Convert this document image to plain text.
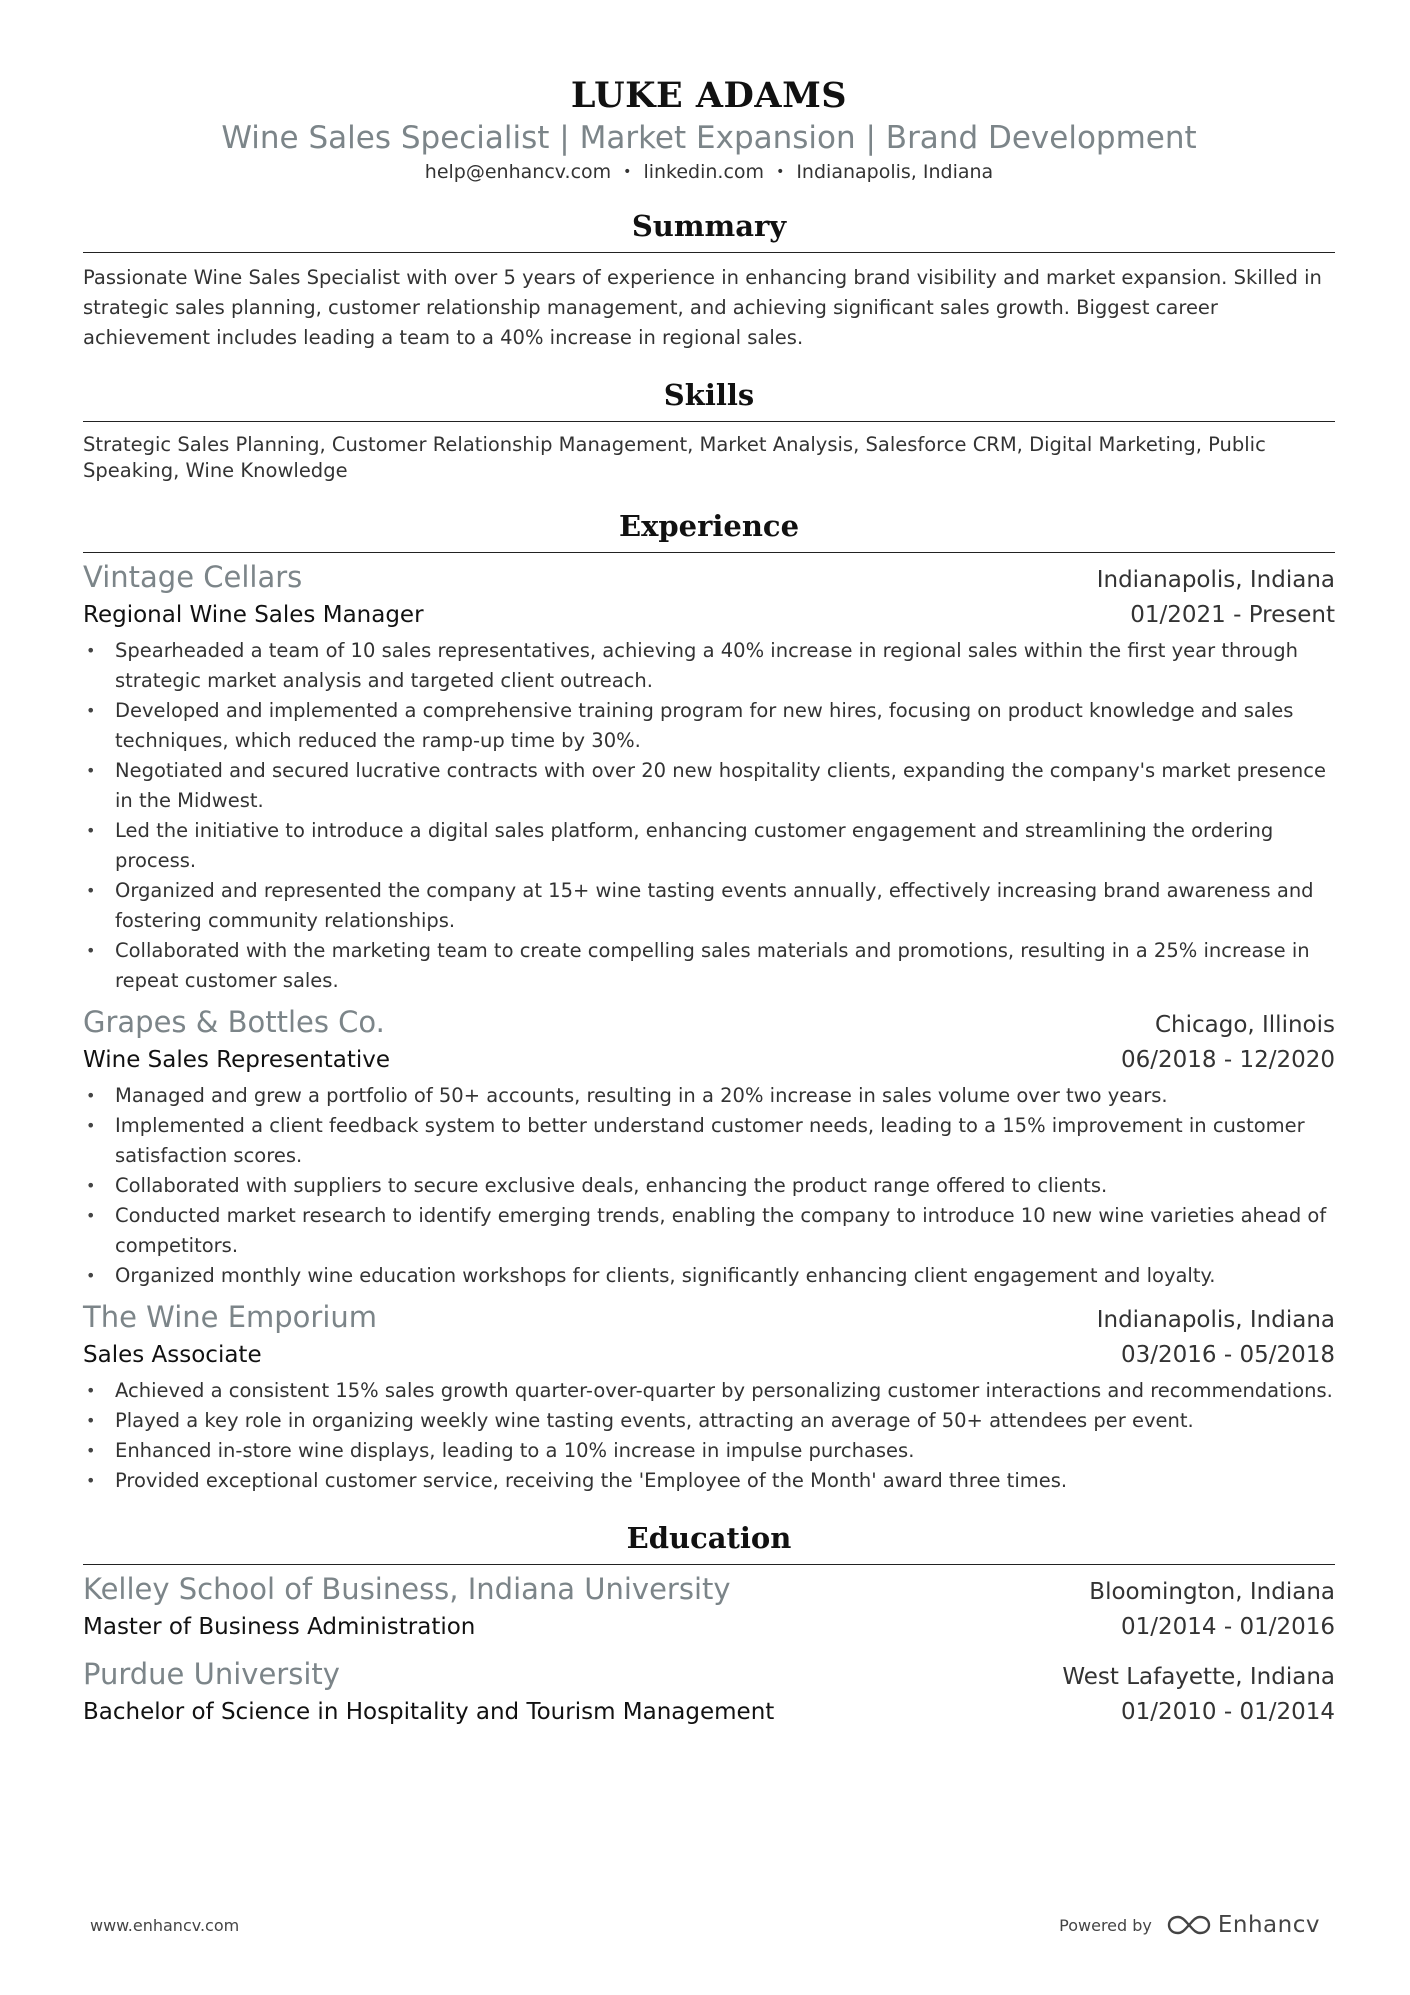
LUKE ADAMS
Wine Sales Specialist | Market Expansion | Brand Development
help@enhancv.com • linkedin.com • Indianapolis, Indiana
Summary

Passionate Wine Sales Specialist with over 5 years of experience in enhancing brand visibility and market expansion. Skilled in strategic sales planning, customer relationship management, and achieving significant sales growth. Biggest career achievement includes leading a team to a 40% increase in regional sales.

Skills

Strategic Sales Planning, Customer Relationship Management, Market Analysis, Salesforce CRM, Digital Marketing, Public Speaking, Wine Knowledge

Experience
Vintage Cellars	Indianapolis, Indiana
Regional Wine Sales Manager	01/2021 - Present
• Spearheaded a team of 10 sales representatives, achieving a 40% increase in regional sales within the first year through strategic market analysis and targeted client outreach.
• Developed and implemented a comprehensive training program for new hires, focusing on product knowledge and sales techniques, which reduced the ramp-up time by 30%.
• Negotiated and secured lucrative contracts with over 20 new hospitality clients, expanding the company's market presence in the Midwest.
• Led the initiative to introduce a digital sales platform, enhancing customer engagement and streamlining the ordering process.
• Organized and represented the company at 15+ wine tasting events annually, effectively increasing brand awareness and fostering community relationships.
• Collaborated with the marketing team to create compelling sales materials and promotions, resulting in a 25% increase in repeat customer sales.
Grapes & Bottles Co.	Chicago, Illinois
Wine Sales Representative	06/2018 - 12/2020
• Managed and grew a portfolio of 50+ accounts, resulting in a 20% increase in sales volume over two years.
• Implemented a client feedback system to better understand customer needs, leading to a 15% improvement in customer satisfaction scores.
• Collaborated with suppliers to secure exclusive deals, enhancing the product range offered to clients.
• Conducted market research to identify emerging trends, enabling the company to introduce 10 new wine varieties ahead of competitors.
• Organized monthly wine education workshops for clients, significantly enhancing client engagement and loyalty.
The Wine Emporium	Indianapolis, Indiana
Sales Associate	03/2016 - 05/2018
• Achieved a consistent 15% sales growth quarter-over-quarter by personalizing customer interactions and recommendations.
• Played a key role in organizing weekly wine tasting events, attracting an average of 50+ attendees per event.
• Enhanced in-store wine displays, leading to a 10% increase in impulse purchases.
• Provided exceptional customer service, receiving the 'Employee of the Month' award three times.
Education
Kelley School of Business, Indiana University	Bloomington, Indiana
Master of Business Administration	01/2014 - 01/2016
Purdue University	West Lafayette, Indiana
Bachelor of Science in Hospitality and Tourism Management	01/2010 - 01/2014
www.enhancv.com	Powered by	Enhancv
